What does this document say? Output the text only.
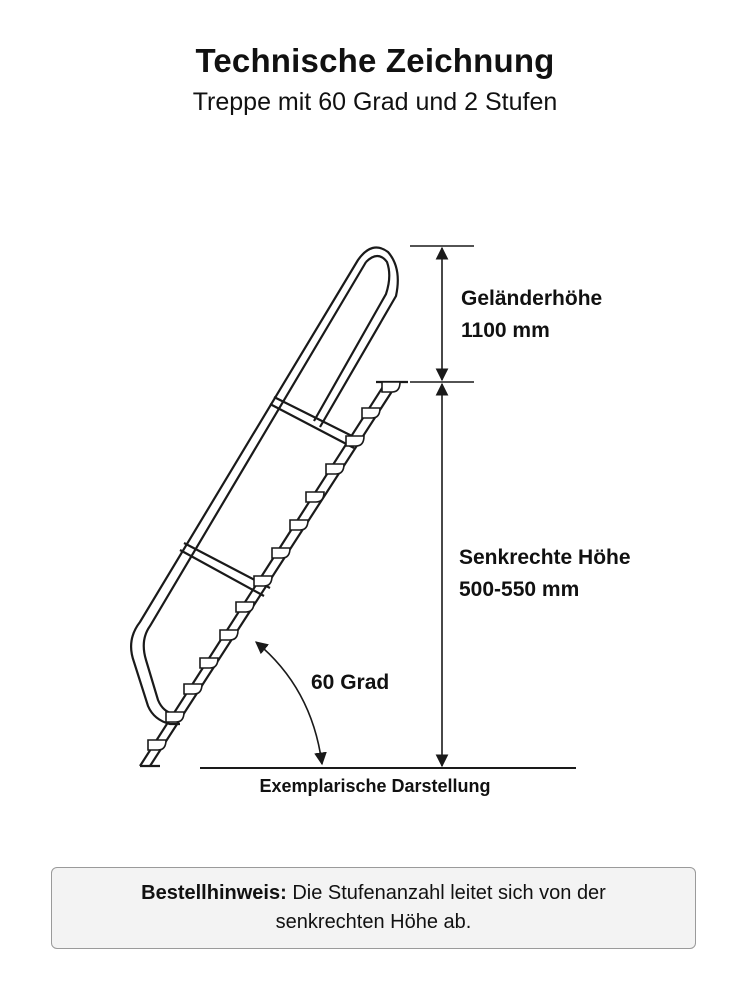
Technische Zeichnung
Treppe mit 60 Grad und 2 Stufen
Geländerhöhe
1100 mm
Senkrechte Höhe
500-550 mm
60 Grad
Exemplarische Darstellung
Bestellhinweis: Die Stufenanzahl leitet sich von der senkrechten Höhe ab.
